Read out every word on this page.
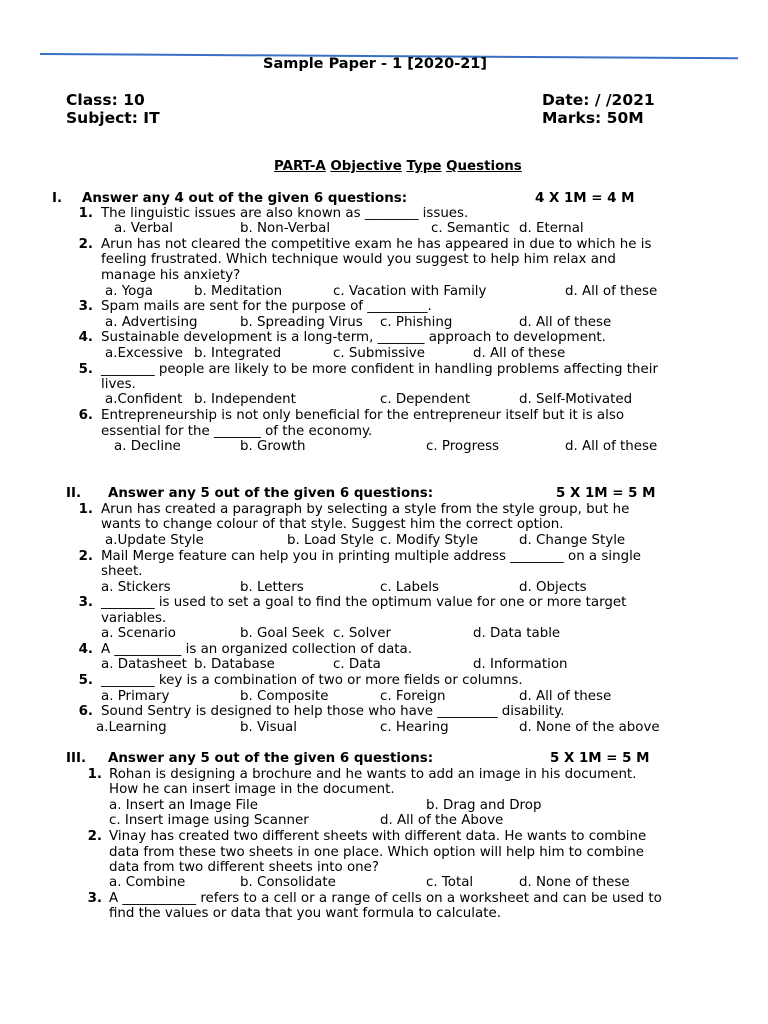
Sample Paper - 1 [2020-21]
Class: 10	Date: / /2021
Subject: IT	Marks: 50M
PART-A Objective Type Questions
I. Answer any 4 out of the given 6 questions:	4 X 1M = 4 M
1. The linguistic issues are also known as ________ issues.
a. Verbal	b. Non-Verbal	c. Semantic d. Eternal
2. Arun has not cleared the competitive exam he has appeared in due to which he is
feeling frustrated. Which technique would you suggest to help him relax and
manage his anxiety?
a. Yoga	b. Meditation	c. Vacation with Family	d. All of these
3. Spam mails are sent for the purpose of _________.
a. Advertising	b. Spreading Virus c. Phishing	d. All of these
4. Sustainable development is a long-term, _______ approach to development.
a.Excessive b. Integrated	c. Submissive	d. All of these
5. ________ people are likely to be more confident in handling problems affecting their
lives.
a.Confident b. Independent	c. Dependent	d. Self-Motivated
6. Entrepreneurship is not only beneficial for the entrepreneur itself but it is also
essential for the _______ of the economy.
a. Decline	b. Growth	c. Progress	d. All of these
II. Answer any 5 out of the given 6 questions:	5 X 1M = 5 M
1. Arun has created a paragraph by selecting a style from the style group, but he
wants to change colour of that style. Suggest him the correct option.
a.Update Style	b. Load Style c. Modify Style	d. Change Style
2. Mail Merge feature can help you in printing multiple address ________ on a single
sheet.
a. Stickers	b. Letters	c. Labels	d. Objects
3. ________ is used to set a goal to find the optimum value for one or more target
variables.
a. Scenario	b. Goal Seek c. Solver	d. Data table
4. A __________ is an organized collection of data.
a. Datasheet b. Database	c. Data	d. Information
5. ________ key is a combination of two or more fields or columns.
a. Primary	b. Composite	c. Foreign	d. All of these
6. Sound Sentry is designed to help those who have _________ disability.
a.Learning	b. Visual	c. Hearing	d. None of the above
III. Answer any 5 out of the given 6 questions:	5 X 1M = 5 M
1. Rohan is designing a brochure and he wants to add an image in his document.
How he can insert image in the document.
a. Insert an Image File	b. Drag and Drop
c. Insert image using Scanner	d. All of the Above
2. Vinay has created two different sheets with different data. He wants to combine
data from these two sheets in one place. Which option will help him to combine
data from two different sheets into one?
a. Combine	b. Consolidate	c. Total	d. None of these
3. A ___________ refers to a cell or a range of cells on a worksheet and can be used to
find the values or data that you want formula to calculate.
